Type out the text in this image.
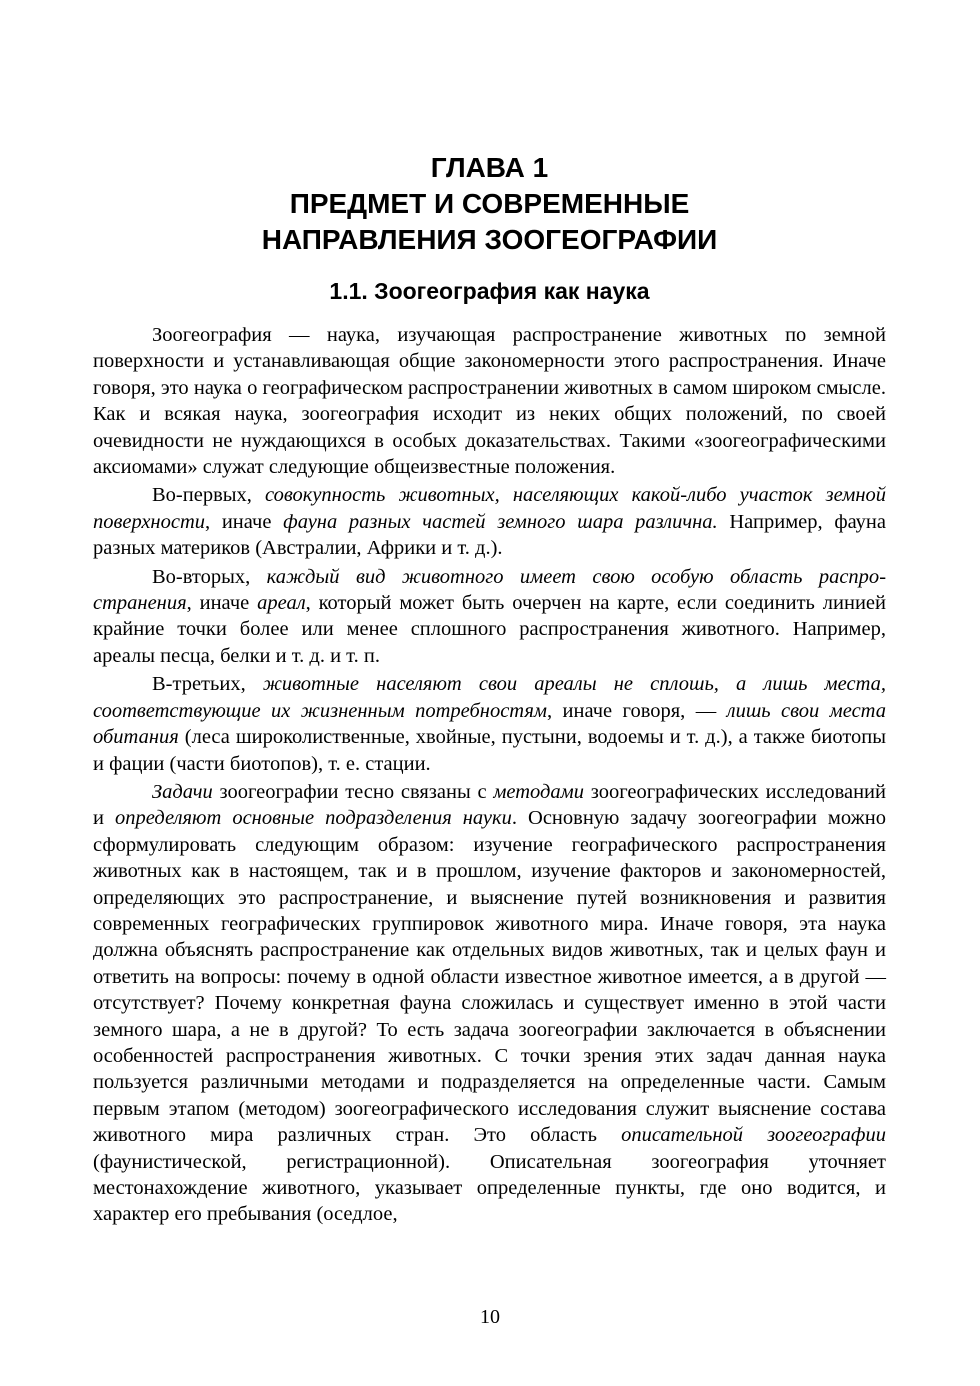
ГЛАВА 1
ПРЕДМЕТ И СОВРЕМЕННЫЕ
НАПРАВЛЕНИЯ ЗООГЕОГРАФИИ
1.1. Зоогеография как наука

Зоогеография — наука, изучающая распространение животных по земной поверхности и устанавливающая общие закономерности этого распространения. Иначе говоря, это наука о географическом распространении животных в самом широком смысле. Как и всякая наука, зоогеография исходит из неких общих положений, по своей очевидности не нуждающихся в особых доказательствах. Такими «зоогеографическими аксиомами» служат следующие общеизвестные положения.

Во-первых, совокупность животных, населяющих какой-либо участок земной поверхности, иначе фауна разных частей земного шара различна. Например, фауна разных материков (Австралии, Африки и т. д.).

Во-вторых, каждый вид животного имеет свою особую область распространения, иначе ареал, который может быть очерчен на карте, если соединить линией крайние точки более или менее сплошного распространения животного. Например, ареалы песца, белки и т. д. и т. п.

В-третьих, животные населяют свои ареалы не сплошь, а лишь места, соответствующие их жизненным потребностям, иначе говоря, — лишь свои места обитания (леса широколиственные, хвойные, пустыни, водоемы и т. д.), а также биотопы и фации (части биотопов), т. е. стации.

Задачи зоогеографии тесно связаны с методами зоогеографических исследований и определяют основные подразделения науки. Основную задачу зоогеографии можно сформулировать следующим образом: изучение географического распространения животных как в настоящем, так и в прошлом, изучение факторов и закономерностей, определяющих это распространение, и выяснение путей возникновения и развития современных географических группировок животного мира. Иначе говоря, эта наука должна объяснять распространение как отдельных видов животных, так и целых фаун и ответить на вопросы: почему в одной области известное животное имеется, а в другой — отсутствует? Почему конкретная фауна сложилась и существует именно в этой части земного шара, а не в другой? То есть задача зоогеографии заключается в объяснении особенностей распространения животных. С точки зрения этих задач данная наука пользуется различными методами и подразделяется на определенные части. Самым первым этапом (методом) зоогеографического исследования служит выяснение состава животного мира различных стран. Это область описательной зоогеографии (фаунистической, регистрационной). Описательная зоогеография уточняет местонахождение животного, указывает определенные пункты, где оно водится, и характер его пребывания (оседлое,

10
